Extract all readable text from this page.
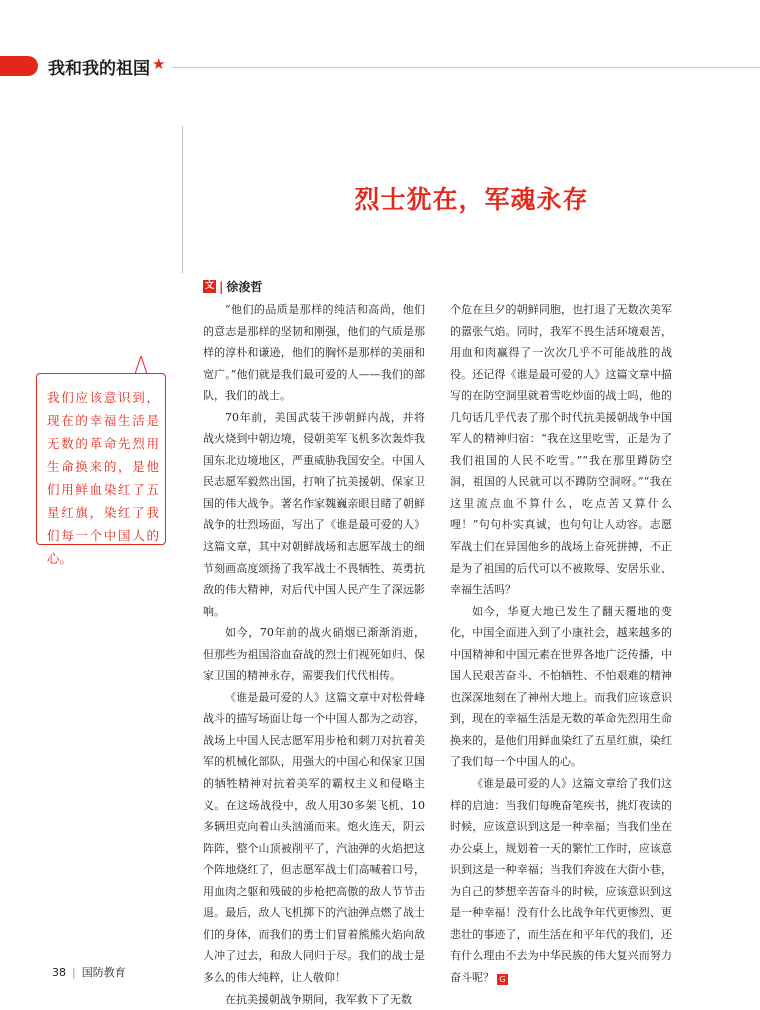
我和我的祖国 ★
烈士犹在，军魂永存
文 | 徐浚哲

我们应该意识到，现在的幸福生活是无数的革命先烈用生命换来的，是他们用鲜血染红了五星红旗，染红了我们每一个中国人的心。

“他们的品质是那样的纯洁和高尚，他们的意志是那样的坚韧和刚强，他们的气质是那样的淳朴和谦逊，他们的胸怀是那样的美丽和宽广。”他们就是我们最可爱的人——我们的部队，我们的战士。

70年前，美国武装干涉朝鲜内战，并将战火烧到中朝边境，侵朝美军飞机多次轰炸我国东北边境地区，严重威胁我国安全。中国人民志愿军毅然出国，打响了抗美援朝、保家卫国的伟大战争。著名作家魏巍亲眼目睹了朝鲜战争的壮烈场面，写出了《谁是最可爱的人》这篇文章，其中对朝鲜战场和志愿军战士的细节刻画高度颂扬了我军战士不畏牺牲、英勇抗敌的伟大精神，对后代中国人民产生了深远影响。

如今，70年前的战火硝烟已渐渐消逝，但那些为祖国浴血奋战的烈士们视死如归、保家卫国的精神永存，需要我们代代相传。

《谁是最可爱的人》这篇文章中对松骨峰战斗的描写场面让每一个中国人都为之动容，战场上中国人民志愿军用步枪和刺刀对抗着美军的机械化部队，用强大的中国心和保家卫国的牺牲精神对抗着美军的霸权主义和侵略主义。在这场战役中，敌人用30多架飞机、10多辆坦克向着山头汹涌而来。炮火连天，阴云阵阵，整个山顶被削平了，汽油弹的火焰把这个阵地烧红了，但志愿军战士们高喊着口号，用血肉之躯和残破的步枪把高傲的敌人节节击退。最后，敌人飞机掷下的汽油弹点燃了战士们的身体，而我们的勇士们冒着熊熊火焰向敌人冲了过去，和敌人同归于尽。我们的战士是多么的伟大纯粹，让人敬仰！

在抗美援朝战争期间，我军救下了无数

个危在旦夕的朝鲜同胞，也打退了无数次美军的嚣张气焰。同时，我军不畏生活环境艰苦，用血和肉赢得了一次次几乎不可能战胜的战役。还记得《谁是最可爱的人》这篇文章中描写的在防空洞里就着雪吃炒面的战士吗，他的几句话几乎代表了那个时代抗美援朝战争中国军人的精神归宿：“我在这里吃雪，正是为了我们祖国的人民不吃雪。”“我在那里蹲防空洞，祖国的人民就可以不蹲防空洞呀。”“我在这里流点血不算什么，吃点苦又算什么哩！”句句朴实真诚，也句句让人动容。志愿军战士们在异国他乡的战场上奋死拼搏，不正是为了祖国的后代可以不被欺辱、安居乐业、幸福生活吗？

如今，华夏大地已发生了翻天覆地的变化，中国全面进入到了小康社会，越来越多的中国精神和中国元素在世界各地广泛传播，中国人民艰苦奋斗、不怕牺牲、不怕艰难的精神也深深地刻在了神州大地上。而我们应该意识到，现在的幸福生活是无数的革命先烈用生命换来的，是他们用鲜血染红了五星红旗，染红了我们每一个中国人的心。

《谁是最可爱的人》这篇文章给了我们这样的启迪：当我们每晚奋笔疾书，挑灯夜读的时候，应该意识到这是一种幸福；当我们坐在办公桌上，规划着一天的繁忙工作时，应该意识到这是一种幸福；当我们奔波在大街小巷，为自己的梦想辛苦奋斗的时候，应该意识到这是一种幸福！没有什么比战争年代更惨烈、更悲壮的事迹了，而生活在和平年代的我们，还有什么理由不去为中华民族的伟大复兴而努力奋斗呢？ G

38 | 国防教育
